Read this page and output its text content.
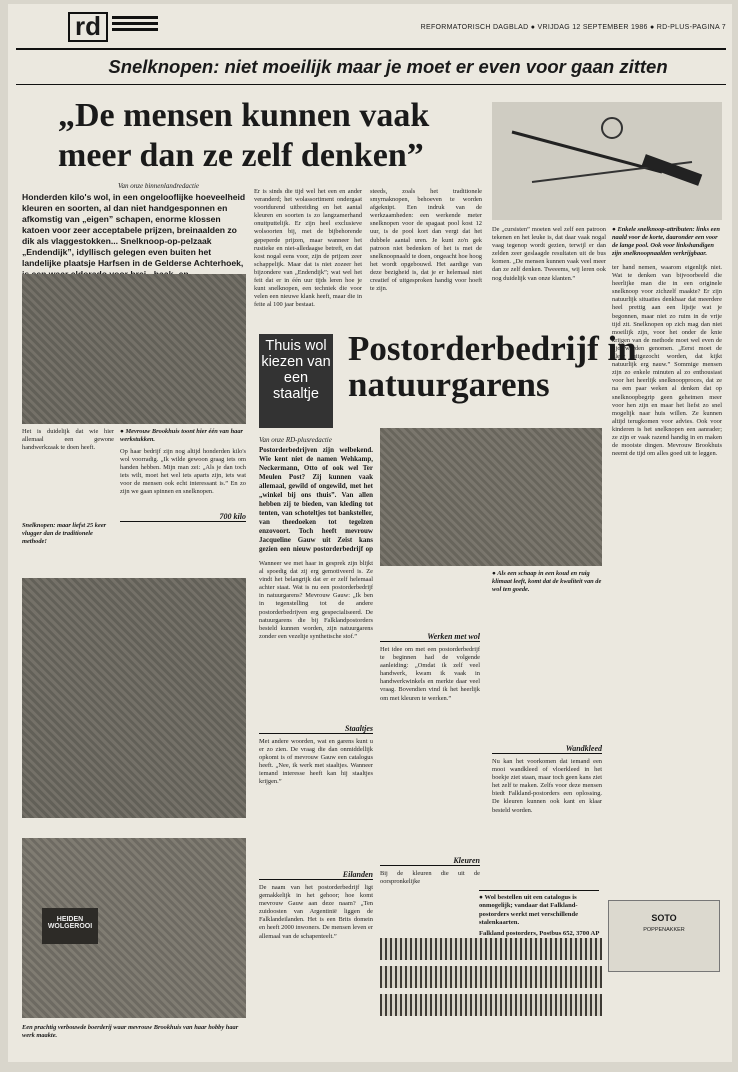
rd	REFORMATORISCH DAGBLAD ● VRIJDAG 12 SEPTEMBER 1986 ● RD-PLUS-PAGINA 7
Snelknopen: niet moeilijk maar je moet er even voor gaan zitten
„De mensen kunnen vaak meer dan ze zelf denken”
Van onze binnenlandredactie
Honderden kilo's wol, in een ongelooflijke hoeveelheid kleuren en soorten, al dan niet handgesponnen en afkomstig van „eigen” schapen, enorme klossen katoen voor zeer acceptabele prijzen, breinaalden zo dik als vlaggestokken... Snelknoop-op-pelzaak „Endendijk”, idyllisch gelegen even buiten het landelijke plaatsje Harfsen in de Gelderse Achterhoek,
Er is sinds die tijd wel het een en ander veranderd; het wolassortiment ondergaat voortdurend uitbreiding en het aantal kleuren en soorten is zo langzamerhand onuitputtelijk. Er zijn heel exclusieve wolsoorten bij, met de bijbehorende gepeperde prijzen, maar wanneer het rustieke en niet-alledaagse betreft, en dat kost nogal eens voor, zijn de prijzen zeer schappelijk. Maar dat is niet zozeer het bijzondere van „Endendijk”; wat wel het feit dat er in één uur tijds leren hoe je kunt snelknopen, een techniek die voor velen een nieuwe klank heeft, maar die in feite al 100 jaar bestaat.
steeds, zoals het traditionele smyrnaknopen, behoeven te worden afgeknipt. Een indruk van de werkzaamheden: een werkende meter snelknopen voor de spagaat pool kost 12 uur, is de pool kort dan vergt dat het dubbele aantal uren. Je kunt zo'n gek patroon niet bedenken of het is met de snelknoopnaald te doen, ongeacht hoe hoog het wordt opgebouwd. Het aardige van deze bezigheid is, dat je er helemaal niet creatief of uitgesproken handig voor hoeft te zijn.
● Enkele snelknoop-attributen: links een naald voor de korte, daaronder een voor de lange pool. Ook voor linkshandigen zijn snelknoopnaalden verkrijgbaar.
De „cursisten” moeten wel zelf een patroon tekenen en het leuke is, dat daar vaak nogal vaag tegenop wordt gezien, terwijl er dan zelden zeer geslaagde resultaten uit de bus komen. „De mensen kunnen vaak veel meer dan ze zelf denken. Tweeems, wij leren ook nog duidelijk van onze klanten.”
● Mevrouw Brookhuis toont hier één van haar werkstukken.
Het is duidelijk dat wie hier allemaal een gewone handwerkzaak te doen heeft.
Op haar bedrijf zijn nog altijd honderden kilo's wol voorradig. „Ik wilde gewoon graag iets om handen hebben. Mijn man zei: „Als je dan toch iets wilt, moet het wel iets aparts zijn, iets wat voor de mensen ook echt interessant is.” En zo zijn we gaan spinnen en snelknopen.
700 kilo
Snelknopen: maar liefst 25 keer vlugger dan de traditionele methode!
HEIDEN WOLGEROOI
Een prachtig verbouwde boerderij waar mevrouw Brookhuis van haar hobby haar werk maakte.
Thuis wol kiezen van een staaltje
Postorderbedrijf in natuurgarens
Van onze RD-plusredactie
Postorderbedrijven zijn welbekend. Wie kent niet de namen Wehkamp, Neckermann, Otto of ook wel Ter Meulen Post? Zij kunnen vaak allemaal, gewild of ongewild, met het „winkel bij ons thuis”. Van allen hebben zij te bieden, van kleding tot tenten, van schoteltjes tot banksteller, van theedoeken tot tegelzen enzovoort. Toch heeft mevrouw Jacqueline Gauw uit Zeist kans gezien een nieuw postorderbedrijf op
Wanneer we met haar in gesprek zijn blijkt al spoedig dat zij erg gemotiveerd is. Ze vindt het belangrijk dat er er zelf helemaal achter staat. Wat is nu een postorderbedrijf in natuurgarens? Mevrouw Gauw: „Ik ben in tegenstelling tot de andere postorderbedrijven erg gespecialiseerd. De natuurgarens die bij Falklandpostorders besteld kunnen worden, zijn natuurgarens zonder een vezeltje synthetische stof.”
Staaltjes
Met andere woorden, wat en garens kunt u er zo zien. De vraag die dan onmiddellijk opkomt is of mevrouw Gauw een catalogus heeft. „Nee, ik werk met staaltjes. Wanneer iemand interesse heeft kan hij staaltjes krijgen.”
Eilanden
De naam van het postorderbedrijf ligt gemakkelijk in het gehoor; hoe komt mevrouw Gauw aan deze naam? „Ten zuidoosten van Argentinië liggen de Falklandeilanden. Het is een Brits domein en heeft 2000 inwoners. De mensen leven er allemaal van de schapenteelt.”
● Als een schaap in een koud en ruig klimaat leeft, komt dat de kwaliteit van de wol ten goede.
Werken met wol
Het idee om met een postorderbedrijf te beginnen had de volgende aanleiding: „Omdat ik zelf veel handwerk, kwam ik vaak in handwerkwinkels en merkte daar veel vraag. Bovendien vind ik het heerlijk om met kleuren te werken.”
Wandkleed
Nu kan het voorkomen dat iemand een mooi wandkleed of vloerkleed in het boekje ziet staan, maar toch geen kans ziet het zelf te maken. Zelfs voor deze mensen biedt Falkland-postorders een oplossing. De kleuren kunnen ook kant en klaar besteld worden.
Kleuren
Bij de kleuren die uit de oorspronkelijke
● Wol bestellen uit een catalogus is onmogelijk; vandaar dat Falkland-postorders werkt met verschillende stalenkaarten.
Falkland postorders, Postbus 652, 3700 AP
ter hand nemen, waarom eigenlijk niet. Wat te denken van bijvoorbeeld die heerlijke man die in een originele snelknoop voor zichzelf maakte? Er zijn natuurlijk situaties denkbaar dat meerdere heel prettig aan een lijstje wat je begonnen, maar niet zo ruim in de vrije tijd zit. Snelknopen op zich mag dan niet moeilijk zijn, voor het onder de knie krijgen van de methode moet wel even de tijd worden genomen. „Eerst moet de kleur uitgezocht worden, dat kijkt natuurlijk erg nauw.” Sommige mensen zijn zo enkele minuten al zo enthousiast voor het heerlijk snelknoopproces, dat ze na een paar weken al denken dat op snelknoopbegrip geen geheimen meer voor hen zijn en maar het liefst zo snel mogelijk naar huis willen. Ze kunnen altijd terugkomen voor advies. Ook voor kinderen is het snelknopen een aanrader; ze zijn er vaak razend handig in en maken de mooiste dingen. Mevrouw Brookhuis neemt de tijd om alles goed uit te leggen.
SOTO
POPPENAKKER
